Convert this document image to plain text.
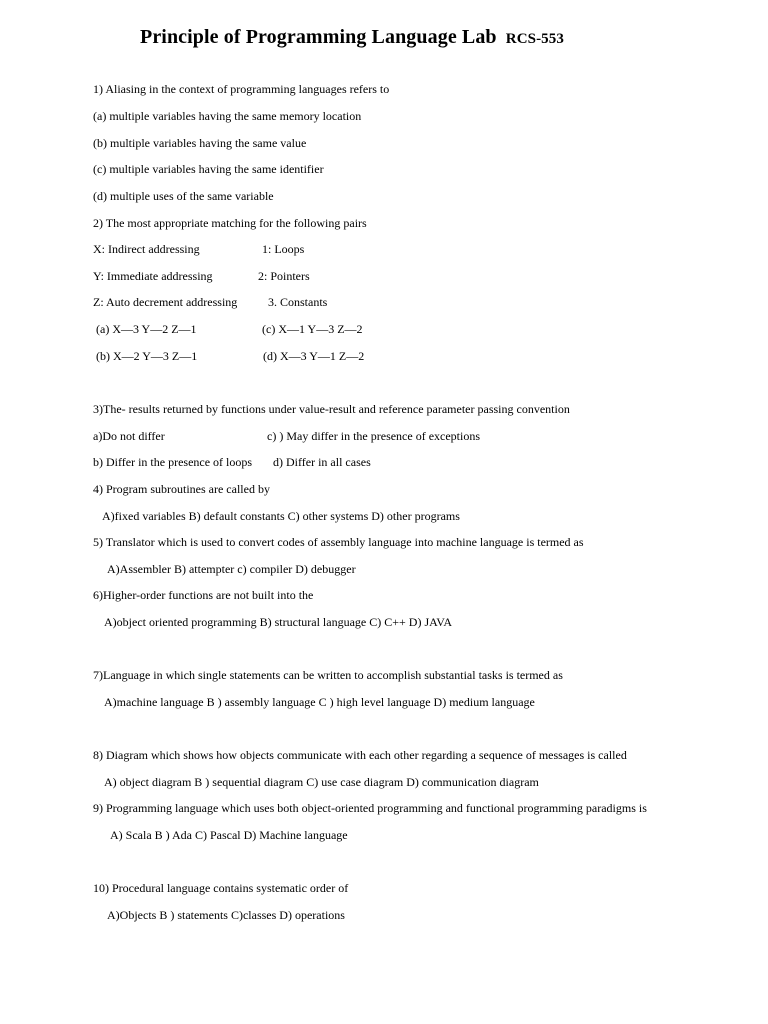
Principle of Programming Language Lab RCS-553
1) Aliasing in the context of programming languages refers to
(a) multiple variables having the same memory location
(b) multiple variables having the same value
(c) multiple variables having the same identifier
(d) multiple uses of the same variable
2) The most appropriate matching for the following pairs
X: Indirect addressing	1: Loops
Y: Immediate addressing	2: Pointers
Z: Auto decrement addressing	3. Constants
(a) X—3 Y—2 Z—1	(c) X—1 Y—3 Z—2
(b) X—2 Y—3 Z—1	(d) X—3 Y—1 Z—2
3)The- results returned by functions under value-result and reference parameter passing convention
a)Do not differ	c) ) May differ in the presence of exceptions
b) Differ in the presence of loops d) Differ in all cases
4) Program subroutines are called by
A)fixed variables B) default constants C) other systems D) other programs
5) Translator which is used to convert codes of assembly language into machine language is termed as
A)Assembler B) attempter c) compiler D) debugger
6)Higher-order functions are not built into the
A)object oriented programming B) structural language C) C++ D) JAVA
7)Language in which single statements can be written to accomplish substantial tasks is termed as
A)machine language B ) assembly language C ) high level language D) medium language
8) Diagram which shows how objects communicate with each other regarding a sequence of messages is called
A) object diagram B ) sequential diagram C) use case diagram D) communication diagram
9) Programming language which uses both object-oriented programming and functional programming paradigms is
A) Scala B ) Ada C) Pascal D) Machine language
10) Procedural language contains systematic order of
A)Objects B ) statements C)classes D) operations
